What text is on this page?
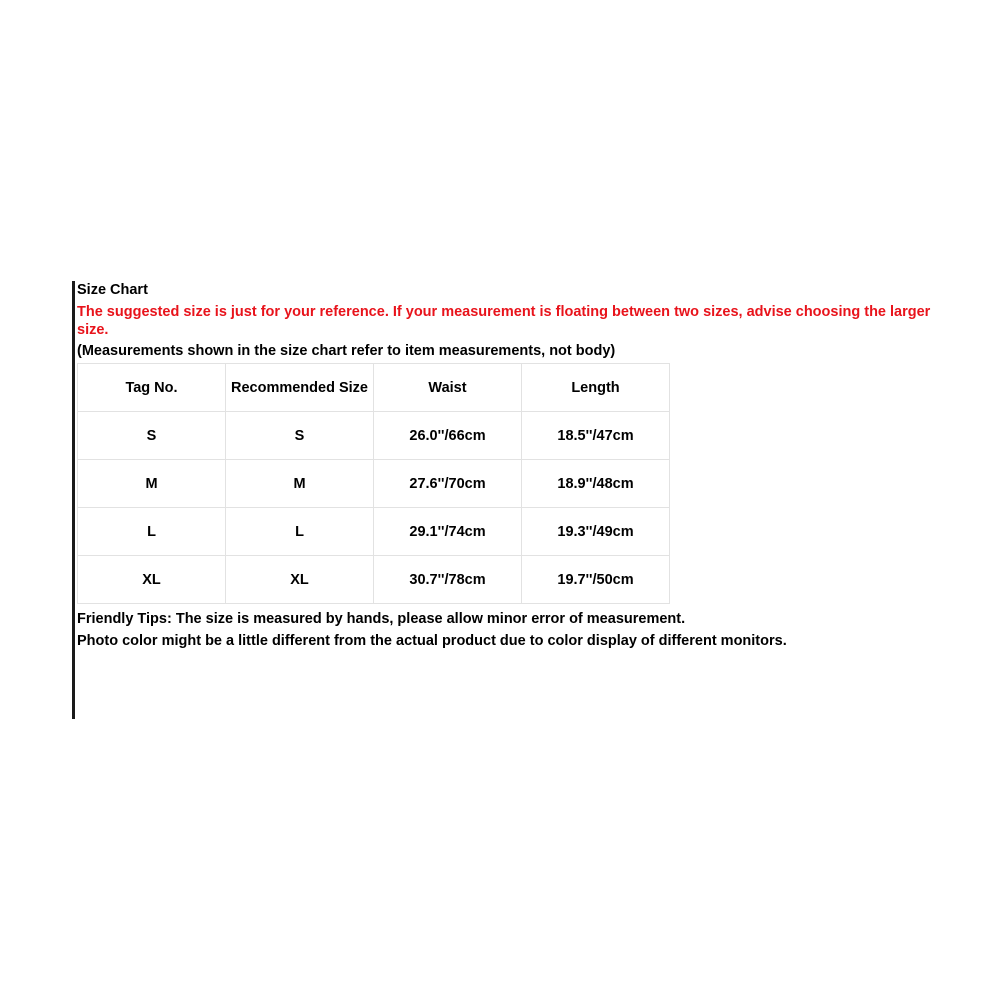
Size Chart

The suggested size is just for your reference. If your measurement is floating between two sizes, advise choosing the larger size.

(Measurements shown in the size chart refer to item measurements, not body)

Tag No.	Recommended Size	Waist	Length
S	S	26.0''/66cm	18.5''/47cm
M	M	27.6''/70cm	18.9''/48cm
L	L	29.1''/74cm	19.3''/49cm
XL	XL	30.7''/78cm	19.7''/50cm
Friendly Tips: The size is measured by hands, please allow minor error of measurement.
Photo color might be a little different from the actual product due to color display of different monitors.
